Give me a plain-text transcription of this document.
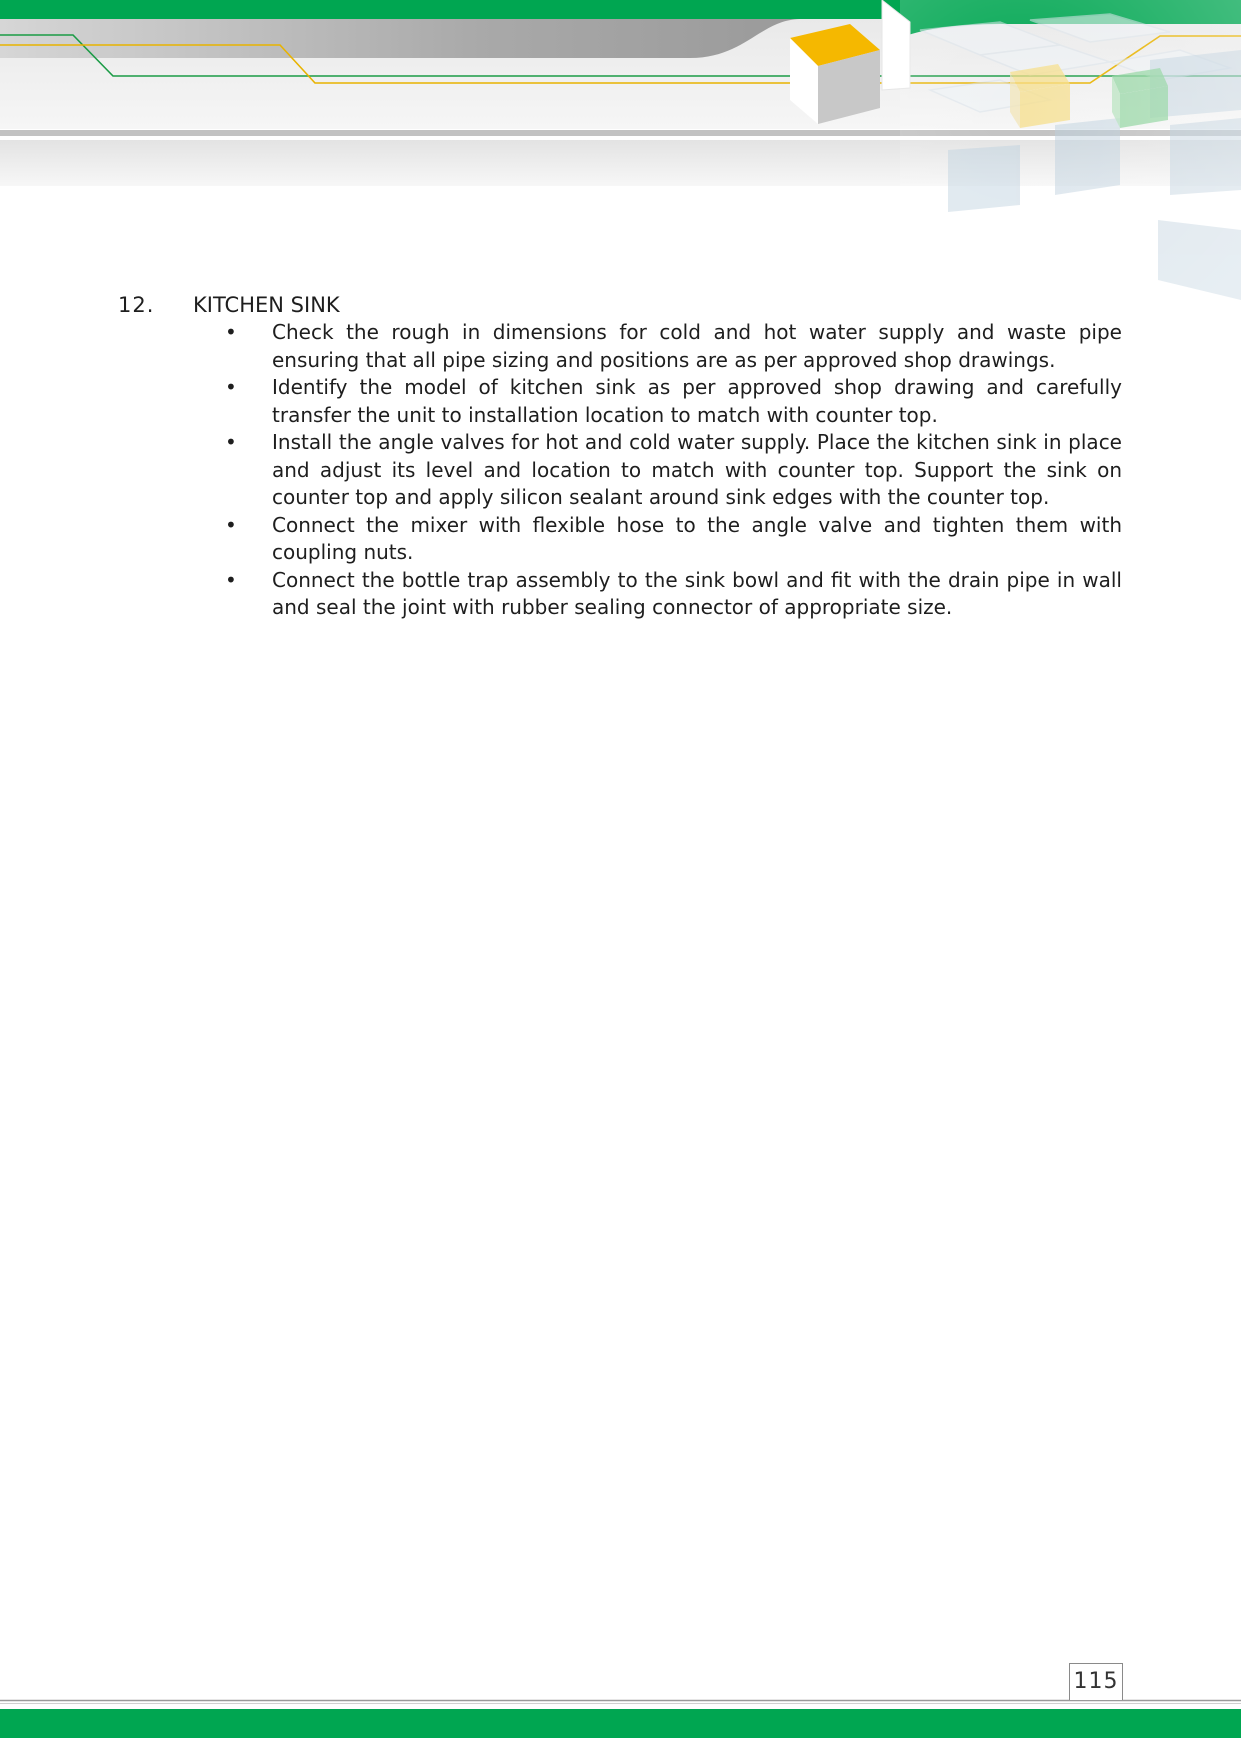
12. KITCHEN SINK
• Check the rough in dimensions for cold and hot water supply and waste pipe ensuring that all pipe sizing and positions are as per approved shop drawings.
• Identify the model of kitchen sink as per approved shop drawing and carefully transfer the unit to installation location to match with counter top.
• Install the angle valves for hot and cold water supply. Place the kitchen sink in place and adjust its level and location to match with counter top. Support the sink on counter top and apply silicon sealant around sink edges with the counter top.
• Connect the mixer with flexible hose to the angle valve and tighten them with coupling nuts.
• Connect the bottle trap assembly to the sink bowl and fit with the drain pipe in wall and seal the joint with rubber sealing connector of appropriate size.
115
